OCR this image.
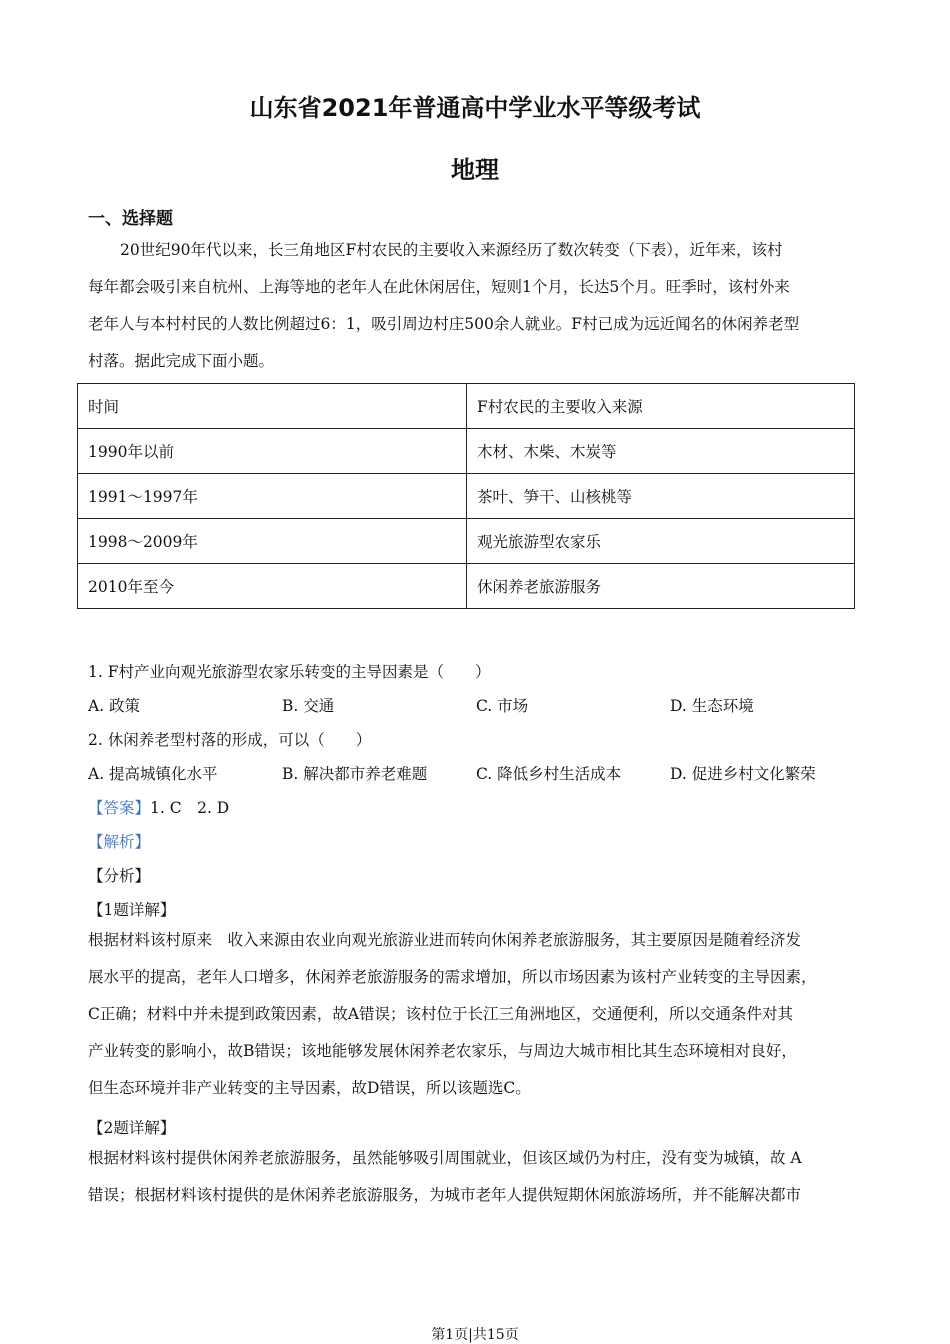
山东省2021年普通高中学业水平等级考试
地理
一、选择题
20世纪90年代以来，长三角地区F村农民的主要收入来源经历了数次转变（下表），近年来，该村
每年都会吸引来自杭州、上海等地的老年人在此休闲居住，短则1个月，长达5个月。旺季时，该村外来
老年人与本村村民的人数比例超过6：1，吸引周边村庄500余人就业。F村已成为远近闻名的休闲养老型
村落。据此完成下面小题。
时间	F村农民的主要收入来源
1990年以前	木材、木柴、木炭等
1991～1997年	茶叶、笋干、山核桃等
1998～2009年	观光旅游型农家乐
2010年至今	休闲养老旅游服务
1. F村产业向观光旅游型农家乐转变的主导因素是（　　）
A. 政策	B. 交通	C. 市场	D. 生态环境
2. 休闲养老型村落的形成，可以（　　）
A. 提高城镇化水平	B. 解决都市养老难题	C. 降低乡村生活成本	D. 促进乡村文化繁荣
【答案】1. C　2. D
【解析】
【分析】
【1题详解】
根据材料该村原来　收入来源由农业向观光旅游业进而转向休闲养老旅游服务，其主要原因是随着经济发
展水平的提高，老年人口增多，休闲养老旅游服务的需求增加，所以市场因素为该村产业转变的主导因素，
C正确；材料中并未提到政策因素，故A错误；该村位于长江三角洲地区，交通便利，所以交通条件对其
产业转变的影响小，故B错误；该地能够发展休闲养老农家乐，与周边大城市相比其生态环境相对良好，
但生态环境并非产业转变的主导因素，故D错误，所以该题选C。
【2题详解】
根据材料该村提供休闲养老旅游服务，虽然能够吸引周围就业，但该区域仍为村庄，没有变为城镇，故 A
错误；根据材料该村提供的是休闲养老旅游服务，为城市老年人提供短期休闲旅游场所，并不能解决都市
第1页|共15页
